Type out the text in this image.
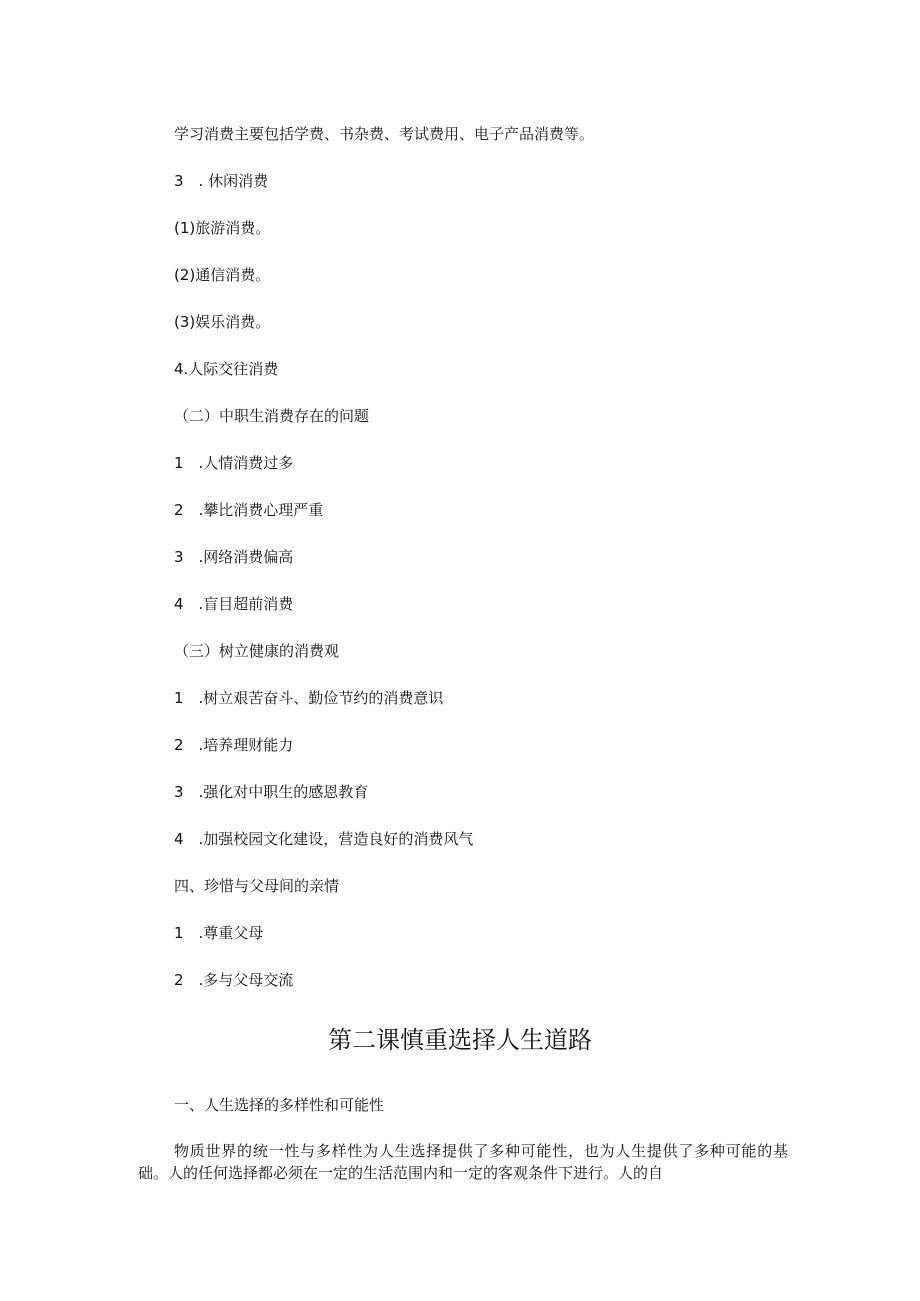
学习消费主要包括学费、书杂费、考试费用、电子产品消费等。
3　. 休闲消费
(1)旅游消费。
(2)通信消费。
(3)娱乐消费。
4.人际交往消费
（二）中职生消费存在的问题
1　.人情消费过多
2　.攀比消费心理严重
3　.网络消费偏高
4　.盲目超前消费
（三）树立健康的消费观
1　.树立艰苦奋斗、勤俭节约的消费意识
2　.培养理财能力
3　.强化对中职生的感恩教育
4　.加强校园文化建设，营造良好的消费风气
四、珍惜与父母间的亲情
1　.尊重父母
2　.多与父母交流
第二课慎重选择人生道路
一、人生选择的多样性和可能性
物质世界的统一性与多样性为人生选择提供了多种可能性，也为人生提供了多种可能的基础。人的任何选择都必须在一定的生活范围内和一定的客观条件下进行。人的自
